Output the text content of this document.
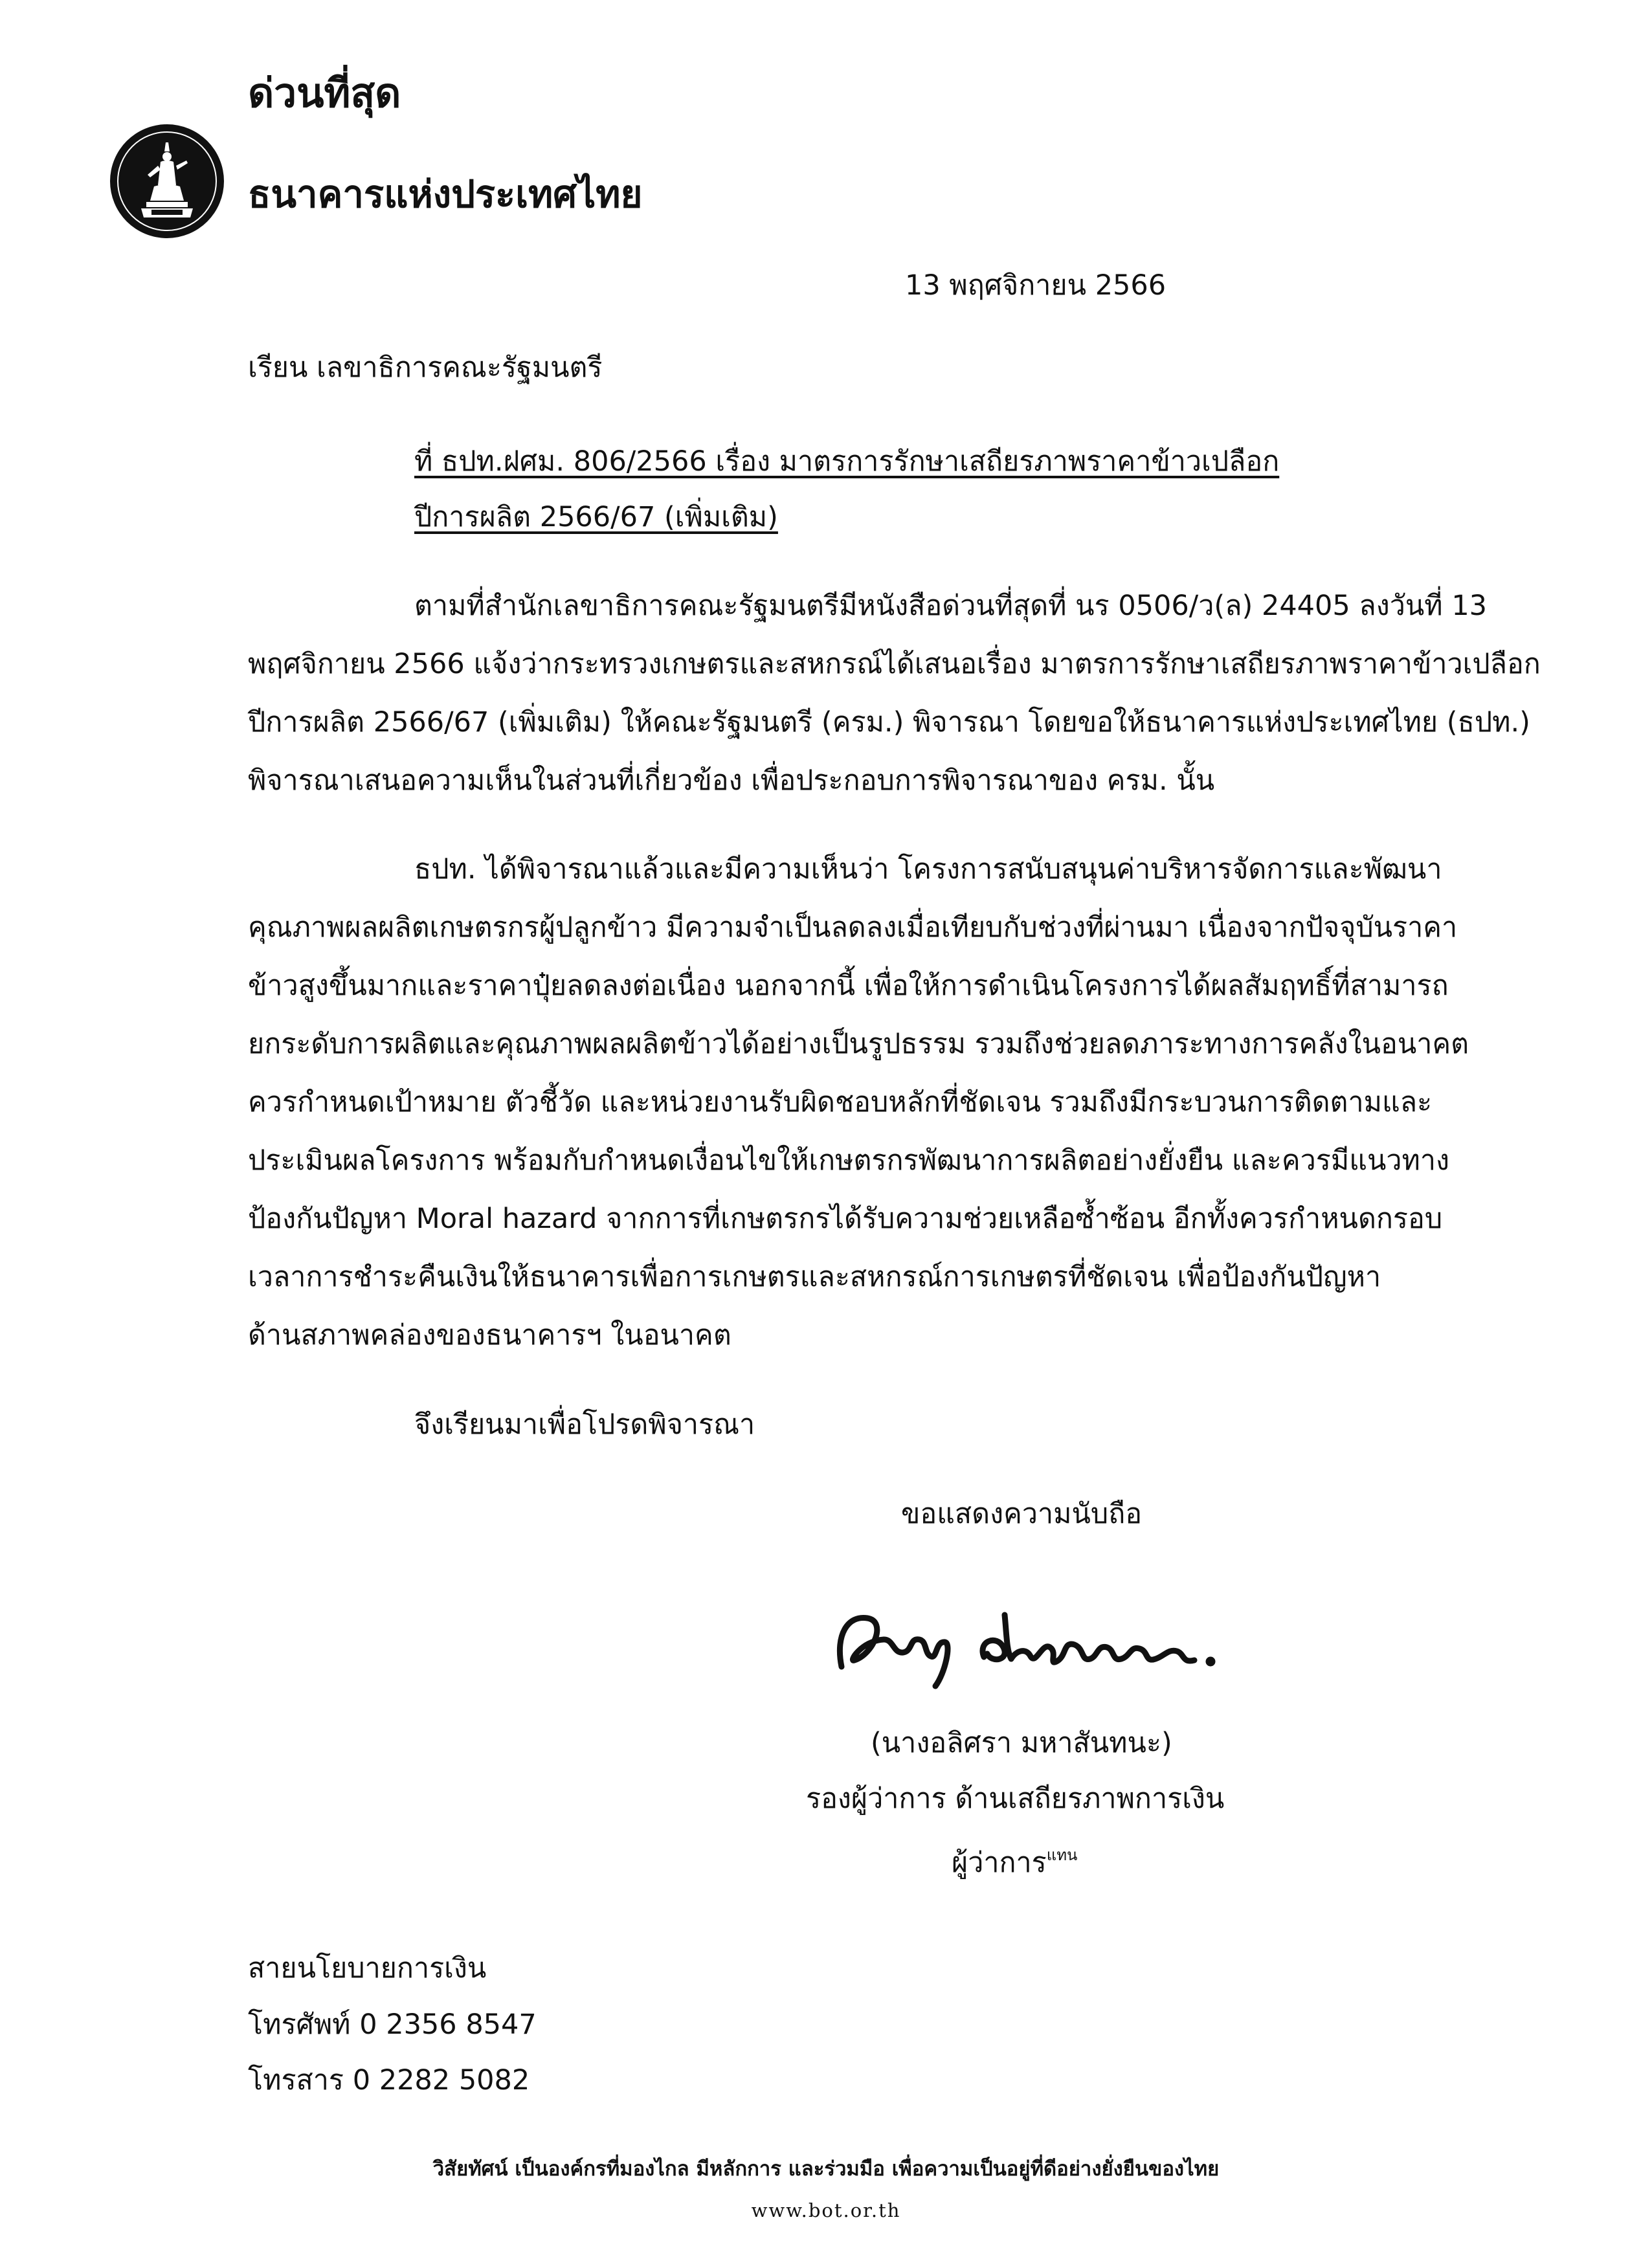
ด่วนที่สุด
ธนาคารแห่งประเทศไทย
13 พฤศจิกายน 2566
เรียน เลขาธิการคณะรัฐมนตรี
ที่ ธปท.ฝศม. 806/2566 เรื่อง มาตรการรักษาเสถียรภาพราคาข้าวเปลือก
ปีการผลิต 2566/67 (เพิ่มเติม)
ตามที่สำนักเลขาธิการคณะรัฐมนตรีมีหนังสือด่วนที่สุดที่ นร 0506/ว(ล) 24405 ลงวันที่ 13
พฤศจิกายน 2566 แจ้งว่ากระทรวงเกษตรและสหกรณ์ได้เสนอเรื่อง มาตรการรักษาเสถียรภาพราคาข้าวเปลือก
ปีการผลิต 2566/67 (เพิ่มเติม) ให้คณะรัฐมนตรี (ครม.) พิจารณา โดยขอให้ธนาคารแห่งประเทศไทย (ธปท.)
พิจารณาเสนอความเห็นในส่วนที่เกี่ยวข้อง เพื่อประกอบการพิจารณาของ ครม. นั้น
ธปท. ได้พิจารณาแล้วและมีความเห็นว่า โครงการสนับสนุนค่าบริหารจัดการและพัฒนา
คุณภาพผลผลิตเกษตรกรผู้ปลูกข้าว มีความจำเป็นลดลงเมื่อเทียบกับช่วงที่ผ่านมา เนื่องจากปัจจุบันราคา
ข้าวสูงขึ้นมากและราคาปุ๋ยลดลงต่อเนื่อง นอกจากนี้ เพื่อให้การดำเนินโครงการได้ผลสัมฤทธิ์ที่สามารถ
ยกระดับการผลิตและคุณภาพผลผลิตข้าวได้อย่างเป็นรูปธรรม รวมถึงช่วยลดภาระทางการคลังในอนาคต
ควรกำหนดเป้าหมาย ตัวชี้วัด และหน่วยงานรับผิดชอบหลักที่ชัดเจน รวมถึงมีกระบวนการติดตามและ
ประเมินผลโครงการ พร้อมกับกำหนดเงื่อนไขให้เกษตรกรพัฒนาการผลิตอย่างยั่งยืน และควรมีแนวทาง
ป้องกันปัญหา Moral hazard จากการที่เกษตรกรได้รับความช่วยเหลือซ้ำซ้อน อีกทั้งควรกำหนดกรอบ
เวลาการชำระคืนเงินให้ธนาคารเพื่อการเกษตรและสหกรณ์การเกษตรที่ชัดเจน เพื่อป้องกันปัญหา
ด้านสภาพคล่องของธนาคารฯ ในอนาคต
จึงเรียนมาเพื่อโปรดพิจารณา
ขอแสดงความนับถือ
(นางอลิศรา มหาสันทนะ)
รองผู้ว่าการ ด้านเสถียรภาพการเงิน
ผู้ว่าการ$^{แทน}$
สายนโยบายการเงิน
โทรศัพท์ 0 2356 8547
โทรสาร 0 2282 5082
วิสัยทัศน์ เป็นองค์กรที่มองไกล มีหลักการ และร่วมมือ เพื่อความเป็นอยู่ที่ดีอย่างยั่งยืนของไทย
www.bot.or.th
